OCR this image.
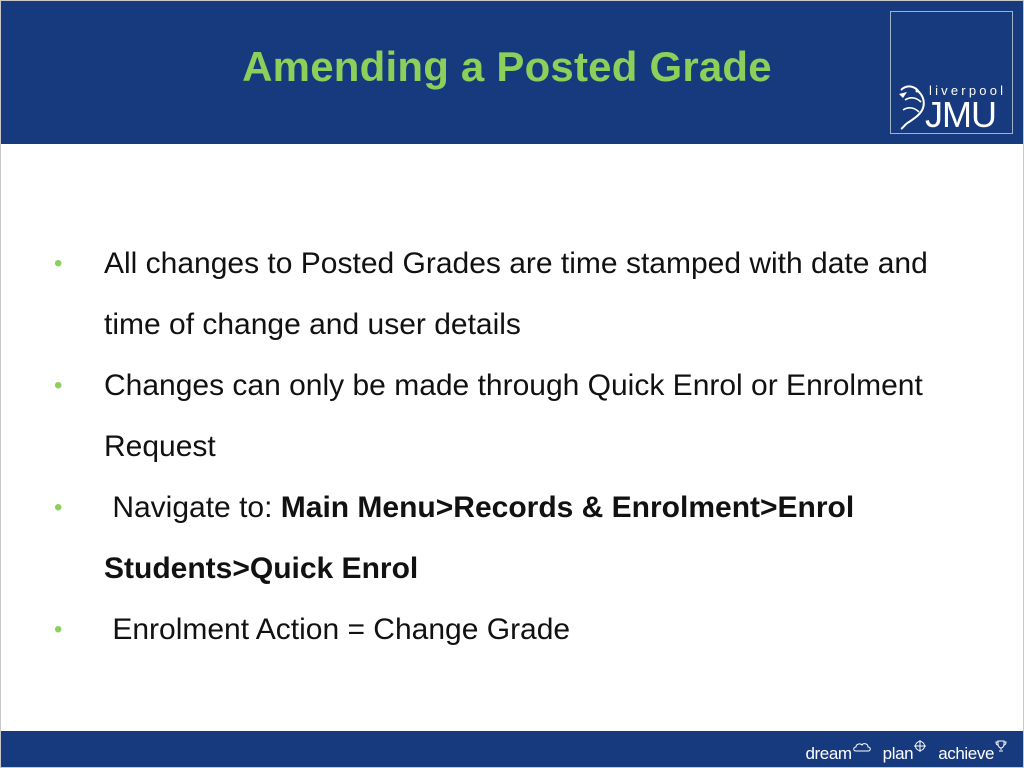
Amending a Posted Grade
liverpool
JMU
• All changes to Posted Grades are time stamped with date and time of change and user details
• Changes can only be made through Quick Enrol or Enrolment Request
• Navigate to: Main Menu>Records & Enrolment>Enrol Students>Quick Enrol
• Enrolment Action = Change Grade
dream plan achieve
